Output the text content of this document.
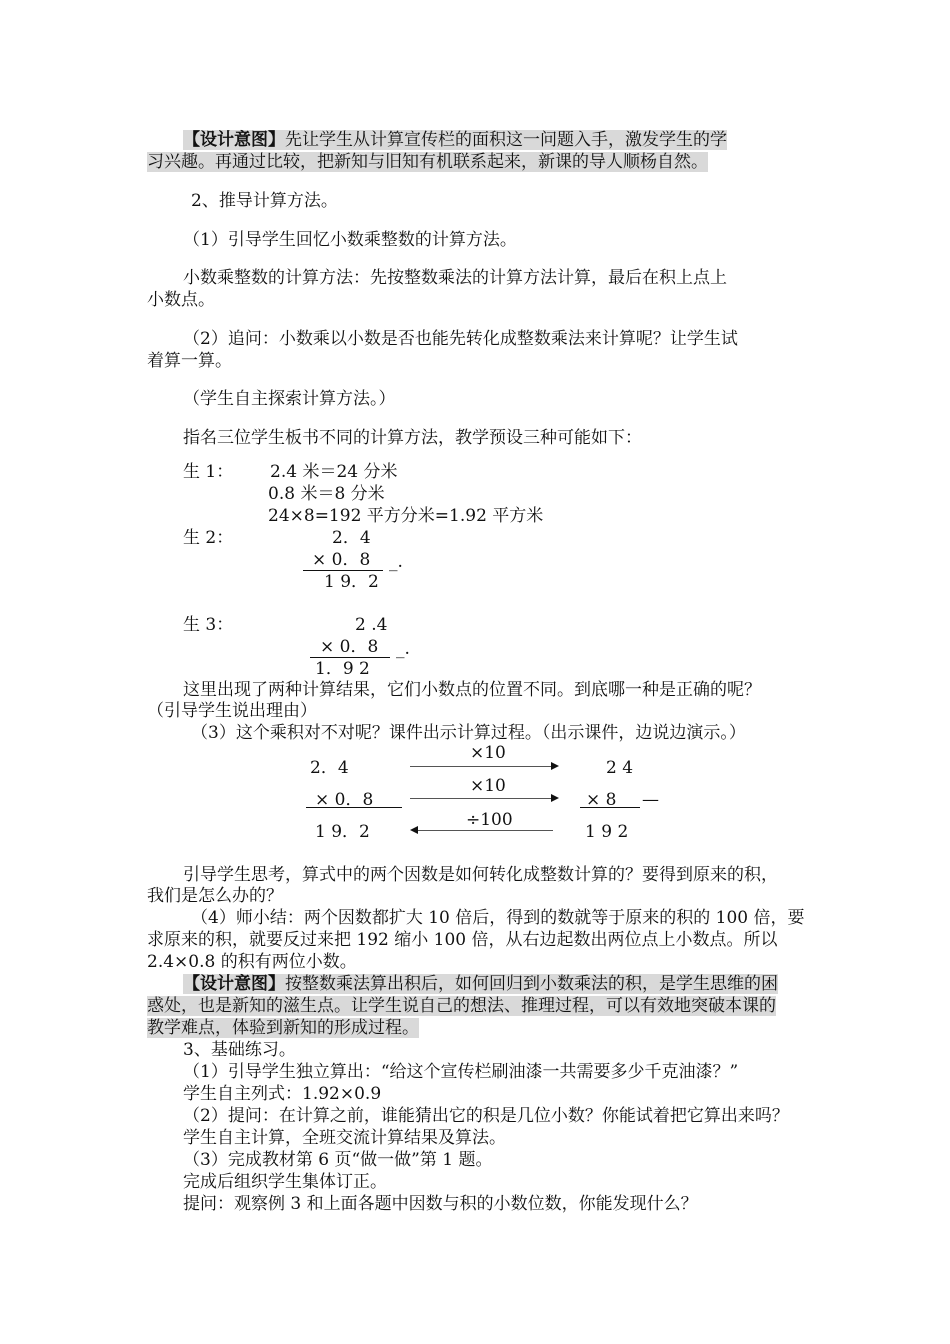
【设计意图】先让学生从计算宣传栏的面积这一问题入手，激发学生的学
习兴趣。再通过比较，把新知与旧知有机联系起来，新课的导人顺杨自然。
2、推导计算方法。
（1）引导学生回忆小数乘整数的计算方法。
小数乘整数的计算方法：先按整数乘法的计算方法计算，最后在积上点上
小数点。
（2）追问：小数乘以小数是否也能先转化成整数乘法来计算呢？让学生试
着算一算。
（学生自主探索计算方法。）
指名三位学生板书不同的计算方法，教学预设三种可能如下：
生 1： 2.4 米＝24 分米
0.8 米＝8 分米
24×8=192 平方分米=1.92 平方米
生 2：	2．4
× 0．8 _.
1 9．2
生 3：	2 .4
× 0．8 _.
1．9 2
这里出现了两种计算结果，它们小数点的位置不同。到底哪一种是正确的呢？
（引导学生说出理由）
（3）这个乘积对不对呢？课件出示计算过程。（出示课件，边说边演示。）
2．4
× 0．8
1 9．2
×10
×10
÷100
2 4
× 8 —
1 9 2
引导学生思考，算式中的两个因数是如何转化成整数计算的？要得到原来的积，
我们是怎么办的？
（4）师小结：两个因数都扩大 10 倍后，得到的数就等于原来的积的 100 倍，要
求原来的积，就要反过来把 192 缩小 100 倍，从右边起数出两位点上小数点。所以
2.4×0.8 的积有两位小数。
【设计意图】按整数乘法算出积后，如何回归到小数乘法的积，是学生思维的困
惑处，也是新知的滋生点。让学生说自己的想法、推理过程，可以有效地突破本课的
教学难点，体验到新知的形成过程。
3、基础练习。
（1）引导学生独立算出：“给这个宣传栏刷油漆一共需要多少千克油漆？”
学生自主列式：1.92×0.9
（2）提问：在计算之前，谁能猜出它的积是几位小数？你能试着把它算出来吗？
学生自主计算，全班交流计算结果及算法。
（3）完成教材第 6 页“做一做”第 1 题。
完成后组织学生集体订正。
提问：观察例 3 和上面各题中因数与积的小数位数，你能发现什么？
